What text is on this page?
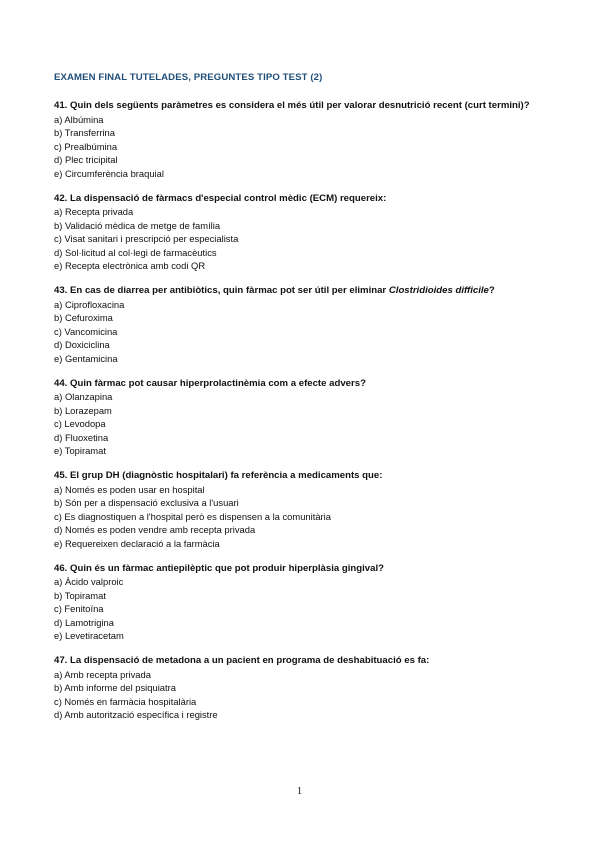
EXAMEN FINAL TUTELADES, PREGUNTES TIPO TEST (2)

41. Quin dels següents paràmetres es considera el més útil per valorar desnutrició recent (curt termini)?

a) Albúmina
b) Transferrina
c) Prealbúmina
d) Plec tricipital
e) Circumferència braquial

42. La dispensació de fàrmacs d'especial control mèdic (ECM) requereix:

a) Recepta privada
b) Validació mèdica de metge de família
c) Visat sanitari i prescripció per especialista
d) Sol·licitud al col·legi de farmacèutics
e) Recepta electrònica amb codi QR

43. En cas de diarrea per antibiòtics, quin fàrmac pot ser útil per eliminar Clostridioides difficile?

a) Ciprofloxacina
b) Cefuroxima
c) Vancomicina
d) Doxiciclina
e) Gentamicina

44. Quin fàrmac pot causar hiperprolactinèmia com a efecte advers?

a) Olanzapina
b) Lorazepam
c) Levodopa
d) Fluoxetina
e) Topiramat

45. El grup DH (diagnòstic hospitalari) fa referència a medicaments que:

a) Només es poden usar en hospital
b) Són per a dispensació exclusiva a l'usuari
c) Es diagnostiquen a l'hospital però es dispensen a la comunitària
d) Només es poden vendre amb recepta privada
e) Requereixen declaració a la farmàcia

46. Quin és un fàrmac antiepilèptic que pot produir hiperplàsia gingival?

a) Àcido valproic
b) Topiramat
c) Fenitoïna
d) Lamotrigina
e) Levetiracetam

47. La dispensació de metadona a un pacient en programa de deshabituació es fa:

a) Amb recepta privada
b) Amb informe del psiquiatra
c) Només en farmàcia hospitalària
d) Amb autorització específica i registre
1
